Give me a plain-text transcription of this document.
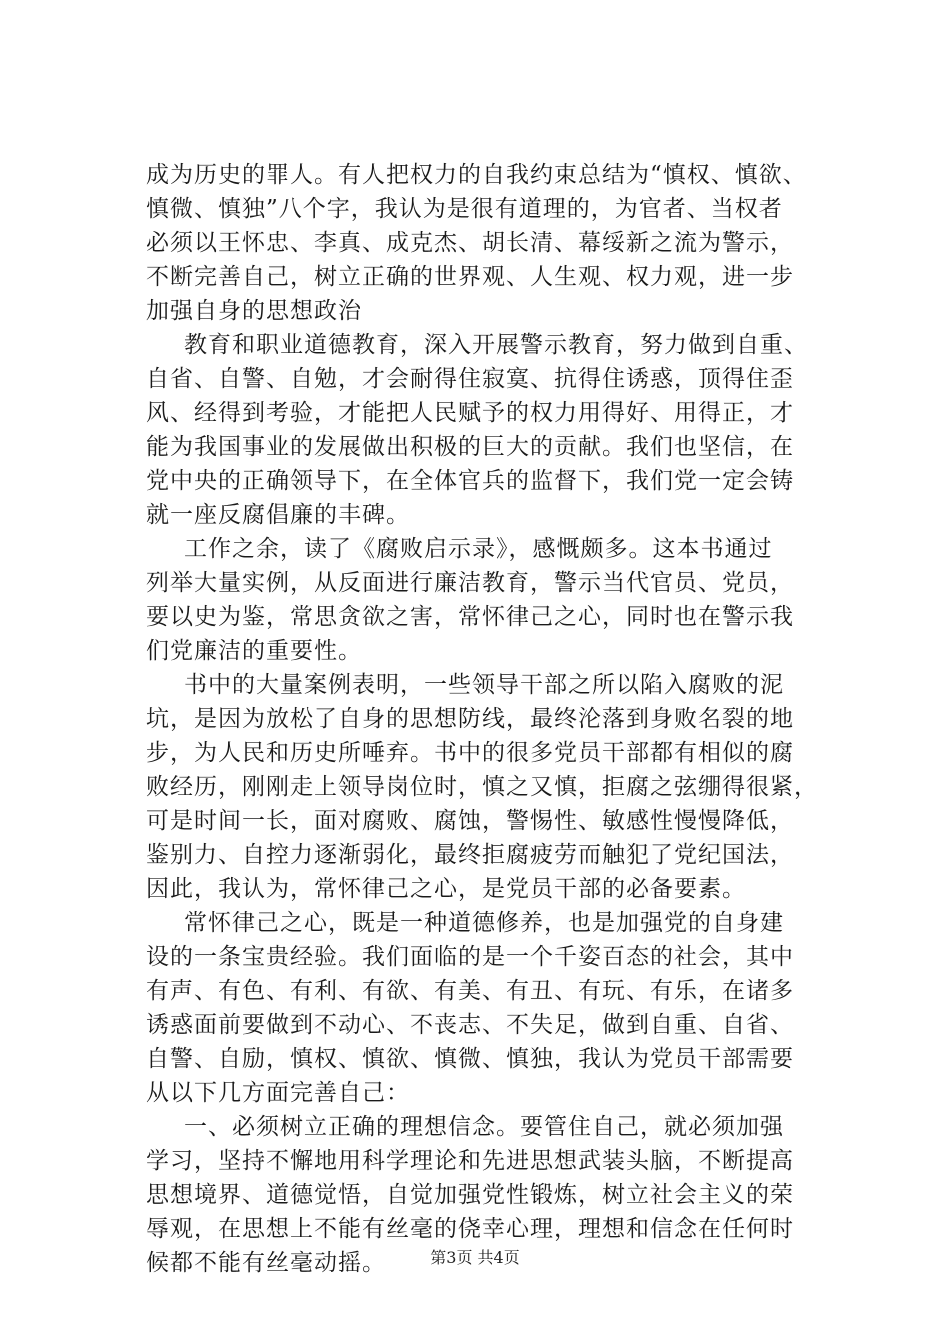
成为历史的罪人。有人把权力的自我约束总结为“慎权、慎欲、
慎微、慎独”八个字，我认为是很有道理的，为官者、当权者
必须以王怀忠、李真、成克杰、胡长清、幕绥新之流为警示，
不断完善自己，树立正确的世界观、人生观、权力观，进一步
加强自身的思想政治
教育和职业道德教育，深入开展警示教育，努力做到自重、
自省、自警、自勉，才会耐得住寂寞、抗得住诱惑，顶得住歪
风、经得到考验，才能把人民赋予的权力用得好、用得正，才
能为我国事业的发展做出积极的巨大的贡献。我们也坚信，在
党中央的正确领导下，在全体官兵的监督下，我们党一定会铸
就一座反腐倡廉的丰碑。
工作之余，读了《腐败启示录》，感慨颇多。这本书通过
列举大量实例，从反面进行廉洁教育，警示当代官员、党员，
要以史为鉴，常思贪欲之害，常怀律己之心，同时也在警示我
们党廉洁的重要性。
书中的大量案例表明，一些领导干部之所以陷入腐败的泥
坑，是因为放松了自身的思想防线，最终沦落到身败名裂的地
步，为人民和历史所唾弃。书中的很多党员干部都有相似的腐
败经历，刚刚走上领导岗位时，慎之又慎，拒腐之弦绷得很紧，
可是时间一长，面对腐败、腐蚀，警惕性、敏感性慢慢降低，
鉴别力、自控力逐渐弱化，最终拒腐疲劳而触犯了党纪国法，
因此，我认为，常怀律己之心，是党员干部的必备要素。
常怀律己之心，既是一种道德修养，也是加强党的自身建
设的一条宝贵经验。我们面临的是一个千姿百态的社会，其中
有声、有色、有利、有欲、有美、有丑、有玩、有乐，在诸多
诱惑面前要做到不动心、不丧志、不失足，做到自重、自省、
自警、自励，慎权、慎欲、慎微、慎独，我认为党员干部需要
从以下几方面完善自己：
一、必须树立正确的理想信念。要管住自己，就必须加强
学习，坚持不懈地用科学理论和先进思想武装头脑，不断提高
思想境界、道德觉悟，自觉加强党性锻炼，树立社会主义的荣
辱观，在思想上不能有丝毫的侥幸心理，理想和信念在任何时
候都不能有丝毫动摇。	第3页 共4页
